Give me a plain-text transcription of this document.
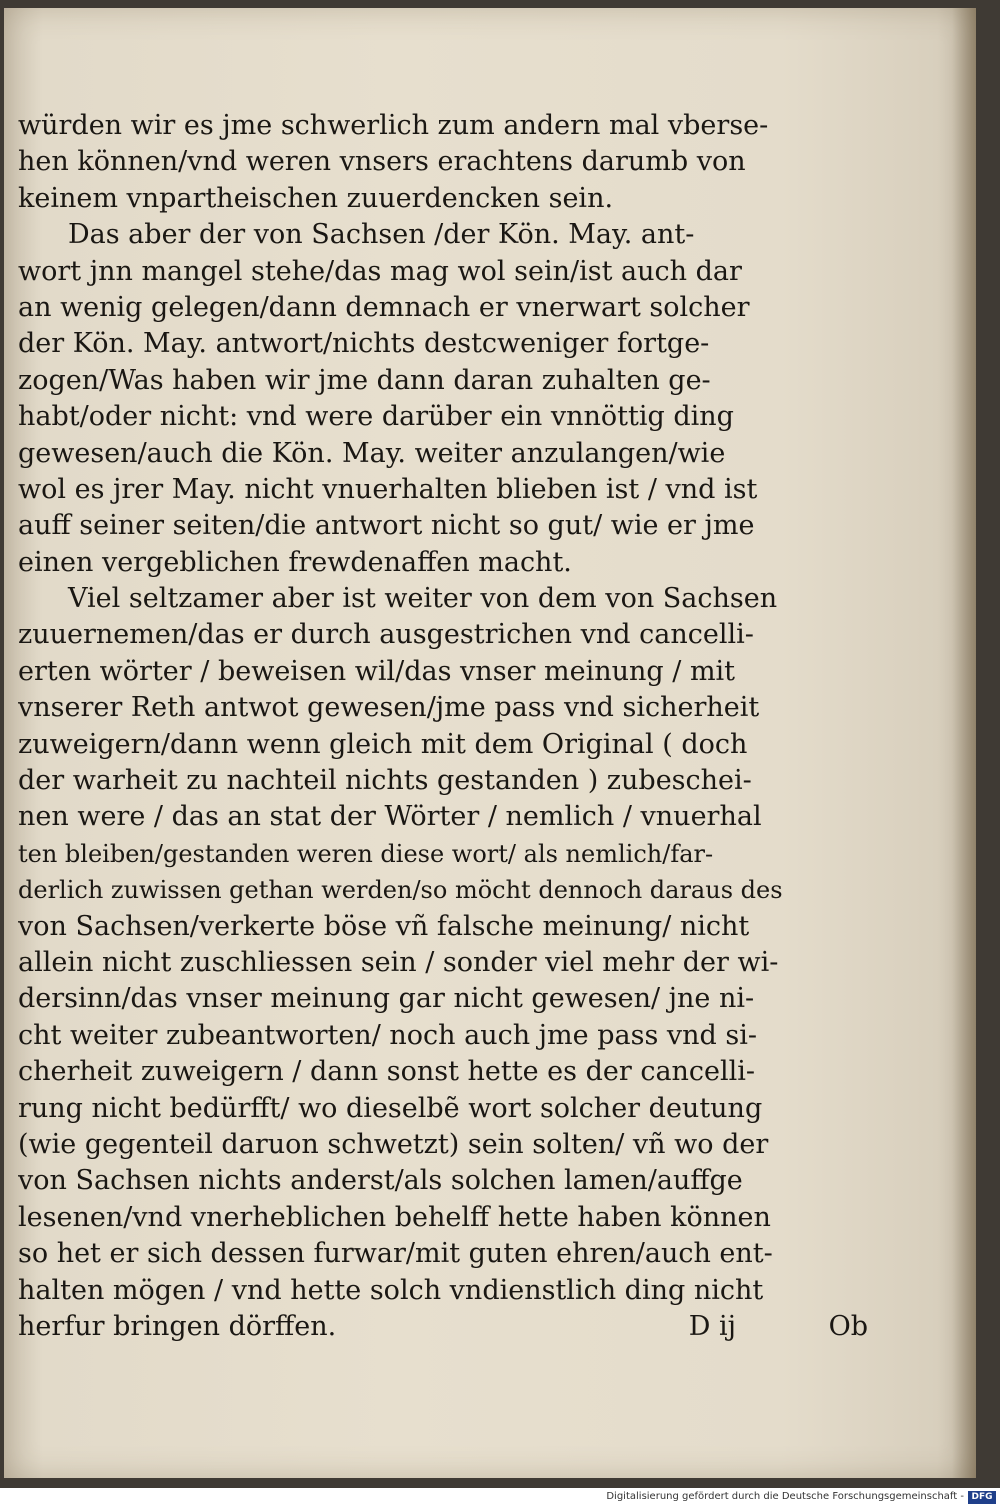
würden wir es jme schwerlich zum andern mal vberse-
hen können/vnd weren vnsers erachtens darumb von
keinem vnpartheischen zuuerdencken sein.
Das aber der von Sachsen /der Kön. May. ant-
wort jnn mangel stehe/das mag wol sein/ist auch dar
an wenig gelegen/dann demnach er vnerwart solcher
der Kön. May. antwort/nichts destcweniger fortge-
zogen/Was haben wir jme dann daran zuhalten ge-
habt/oder nicht: vnd were darüber ein vnnöttig ding
gewesen/auch die Kön. May. weiter anzulangen/wie
wol es jrer May. nicht vnuerhalten blieben ist / vnd ist
auff seiner seiten/die antwort nicht so gut/ wie er jme
einen vergeblichen frewdenaffen macht.
Viel seltzamer aber ist weiter von dem von Sachsen
zuuernemen/das er durch ausgestrichen vnd cancelli-
erten wörter / beweisen wil/das vnser meinung / mit
vnserer Reth antwot gewesen/jme pass vnd sicherheit
zuweigern/dann wenn gleich mit dem Original ( doch
der warheit zu nachteil nichts gestanden ) zubeschei-
nen were / das an stat der Wörter / nemlich / vnuerhal
ten bleiben/gestanden weren diese wort/ als nemlich/far-
derlich zuwissen gethan werden/so möcht dennoch daraus des
von Sachsen/verkerte böse vñ falsche meinung/ nicht
allein nicht zuschliessen sein / sonder viel mehr der wi-
dersinn/das vnser meinung gar nicht gewesen/ jne ni-
cht weiter zubeantworten/ noch auch jme pass vnd si-
cherheit zuweigern / dann sonst hette es der cancelli-
rung nicht bedürfft/ wo dieselbẽ wort solcher deutung
(wie gegenteil daruon schwetzt) sein solten/ vñ wo der
von Sachsen nichts anderst/als solchen lamen/auffge
lesenen/vnd vnerheblichen behelff hette haben können
so het er sich dessen furwar/mit guten ehren/auch ent-
halten mögen / vnd hette solch vndienstlich ding nicht
herfur bringen dörffen.	D ij	Ob
Digitalisierung gefördert durch die Deutsche Forschungsgemeinschaft - DFG
